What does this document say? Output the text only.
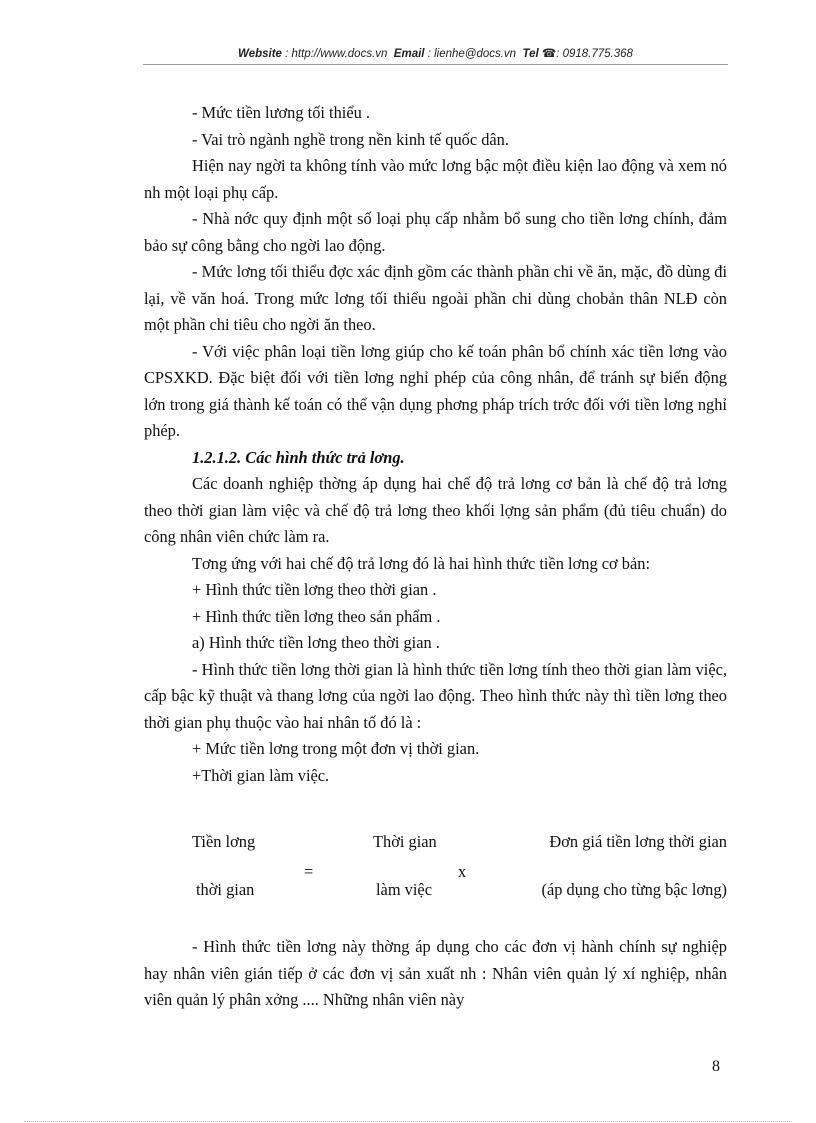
Website : http://www.docs.vn Email : lienhe@docs.vn Tel ☎: 0918.775.368

- Mức tiền lương tối thiểu .

- Vai trò ngành nghề trong nền kinh tế quốc dân.

Hiện nay ngời ta không tính vào mức lơng bậc một điều kiện lao động và xem nó nh một loại phụ cấp.

- Nhà nớc quy định một số loại phụ cấp nhằm bổ sung cho tiền lơng chính, đảm bảo sự công bằng cho ngời lao động.

- Mức lơng tối thiểu đợc xác định gồm các thành phần chi về ăn, mặc, đồ dùng đi lại, về văn hoá. Trong mức lơng tối thiểu ngoài phần chi dùng chobản thân NLĐ còn một phần chi tiêu cho ngời ăn theo.

- Với việc phân loại tiền lơng giúp cho kế toán phân bổ chính xác tiền lơng vào CPSXKD. Đặc biệt đối với tiền lơng nghỉ phép của công nhân, để tránh sự biến động lớn trong giá thành kế toán có thể vận dụng phơng pháp trích trớc đối với tiền lơng nghỉ phép.

1.2.1.2. Các hình thức trả lơng.

Các doanh nghiệp thờng áp dụng hai chế độ trả lơng cơ bản là chế độ trả lơng theo thời gian làm việc và chế độ trả lơng theo khối lợng sản phẩm (đủ tiêu chuẩn) do công nhân viên chức làm ra.

Tơng ứng với hai chế độ trả lơng đó là hai hình thức tiền lơng cơ bản:

+ Hình thức tiền lơng theo thời gian .

+ Hình thức tiền lơng theo sản phẩm .

a) Hình thức tiền lơng theo thời gian .

- Hình thức tiền lơng thời gian là hình thức tiền lơng tính theo thời gian làm việc, cấp bậc kỹ thuật và thang lơng của ngời lao động. Theo hình thức này thì tiền lơng theo thời gian phụ thuộc vào hai nhân tố đó là :

+ Mức tiền lơng trong một đơn vị thời gian.

+Thời gian làm việc.

Tiền lơng
thời gian
=
Thời gian
làm việc
x
Đơn giá tiền lơng thời gian
(áp dụng cho từng bậc lơng)

- Hình thức tiền lơng này thờng áp dụng cho các đơn vị hành chính sự nghiệp hay nhân viên gián tiếp ở các đơn vị sản xuất nh : Nhân viên quản lý xí nghiệp, nhân viên quản lý phân xởng .... Những nhân viên này

8
